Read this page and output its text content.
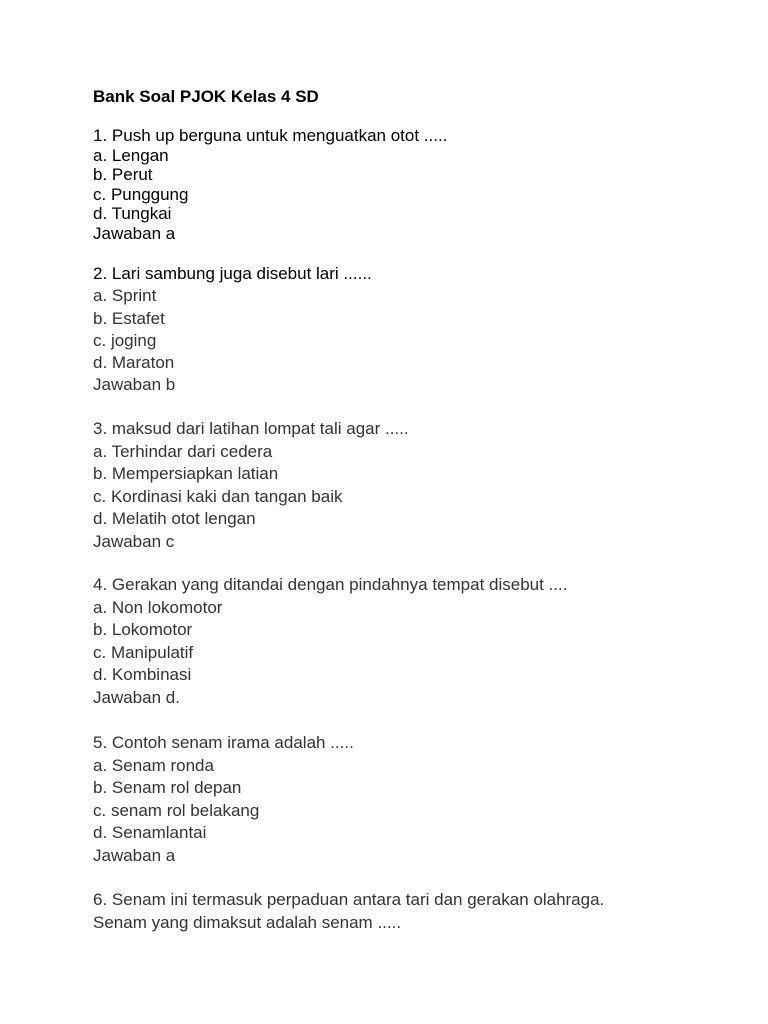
Bank Soal PJOK Kelas 4 SD
1. Push up berguna untuk menguatkan otot .....
a. Lengan
b. Perut
c. Punggung
d. Tungkai
Jawaban a
2. Lari sambung juga disebut lari ......
a. Sprint
b. Estafet
c. joging
d. Maraton
Jawaban b
3. maksud dari latihan lompat tali agar .....
a. Terhindar dari cedera
b. Mempersiapkan latian
c. Kordinasi kaki dan tangan baik
d. Melatih otot lengan
Jawaban c
4. Gerakan yang ditandai dengan pindahnya tempat disebut ....
a. Non lokomotor
b. Lokomotor
c. Manipulatif
d. Kombinasi
Jawaban d.
5. Contoh senam irama adalah .....
a. Senam ronda
b. Senam rol depan
c. senam rol belakang
d. Senamlantai
Jawaban a
6. Senam ini termasuk perpaduan antara tari dan gerakan olahraga.
Senam yang dimaksut adalah senam .....
